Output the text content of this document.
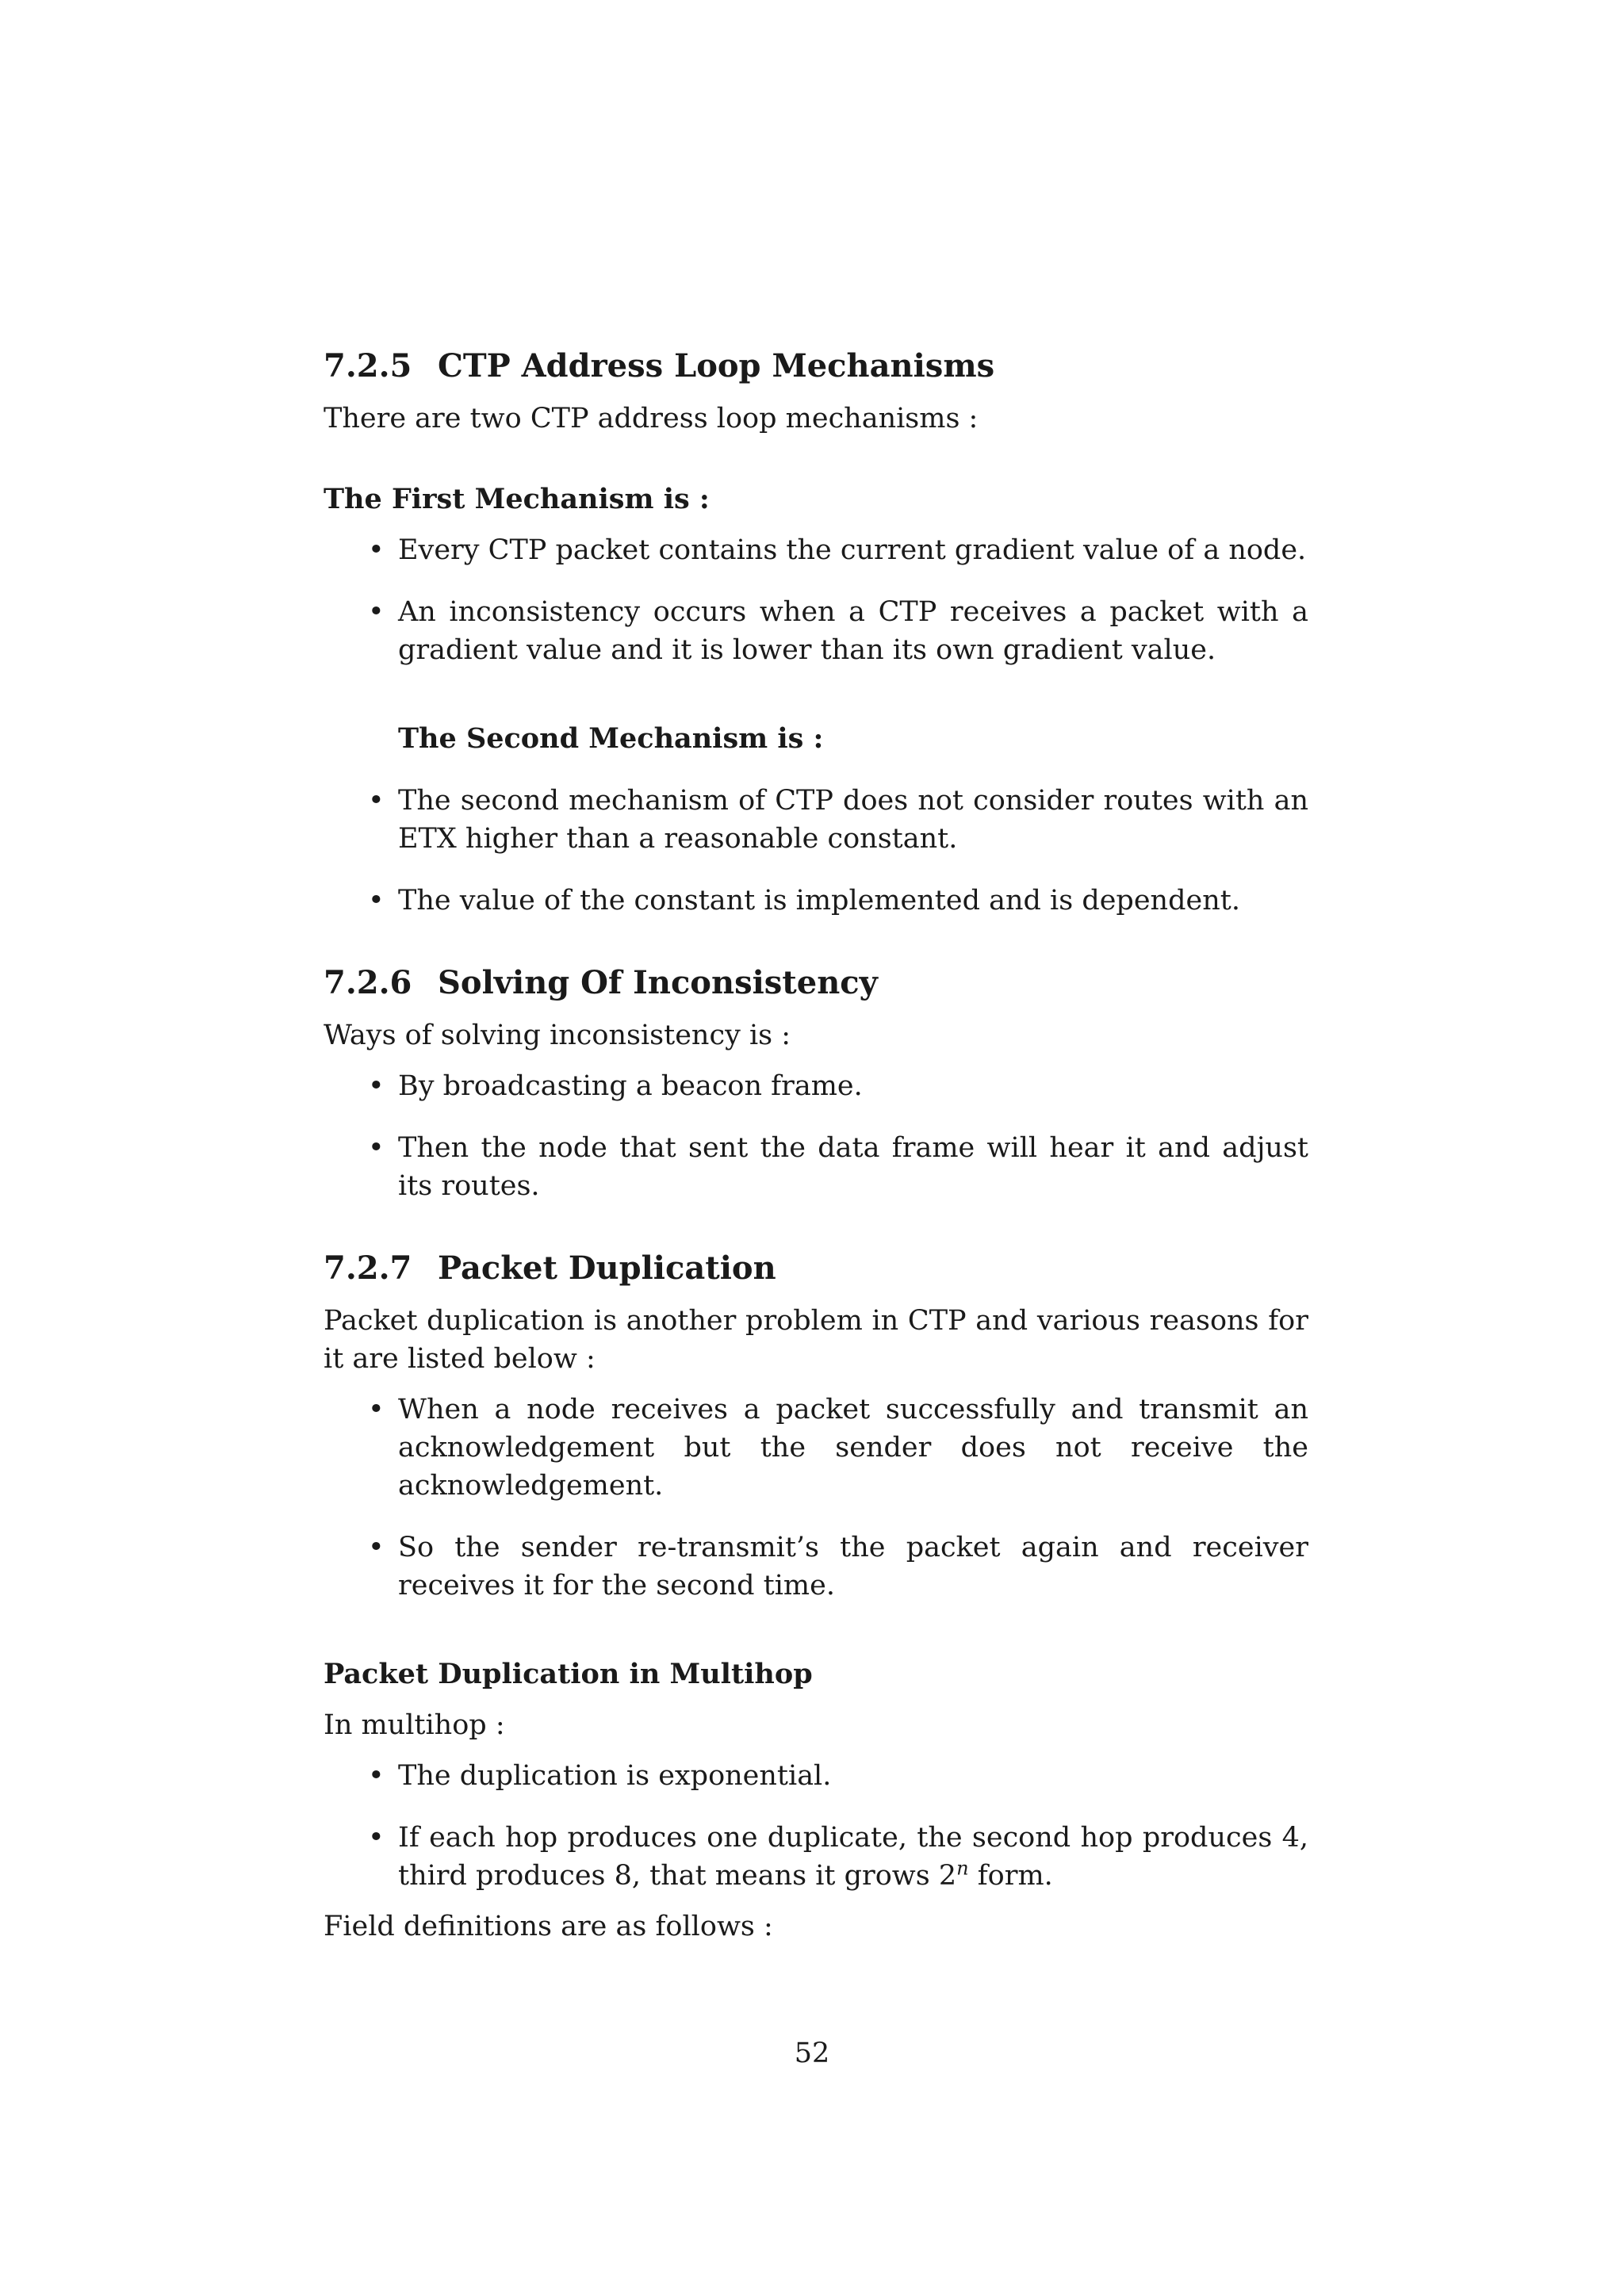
7.2.5 CTP Address Loop Mechanisms

There are two CTP address loop mechanisms :

The First Mechanism is :

• Every CTP packet contains the current gradient value of a node.
• An inconsistency occurs when a CTP receives a packet with a gradient value and it is lower than its own gradient value.

The Second Mechanism is :

• The second mechanism of CTP does not consider routes with an ETX higher than a reasonable constant.
• The value of the constant is implemented and is dependent.
7.2.6 Solving Of Inconsistency

Ways of solving inconsistency is :

• By broadcasting a beacon frame.
• Then the node that sent the data frame will hear it and adjust its routes.
7.2.7 Packet Duplication

Packet duplication is another problem in CTP and various reasons for it are listed below :

• When a node receives a packet successfully and transmit an acknowledgement but the sender does not receive the acknowledgement.
• So the sender re-transmit’s the packet again and receiver receives it for the second time.

Packet Duplication in Multihop

In multihop :

• The duplication is exponential.
• If each hop produces one duplicate, the second hop produces 4, third produces 8, that means it grows 2$^n$ form.

Field definitions are as follows :

52
